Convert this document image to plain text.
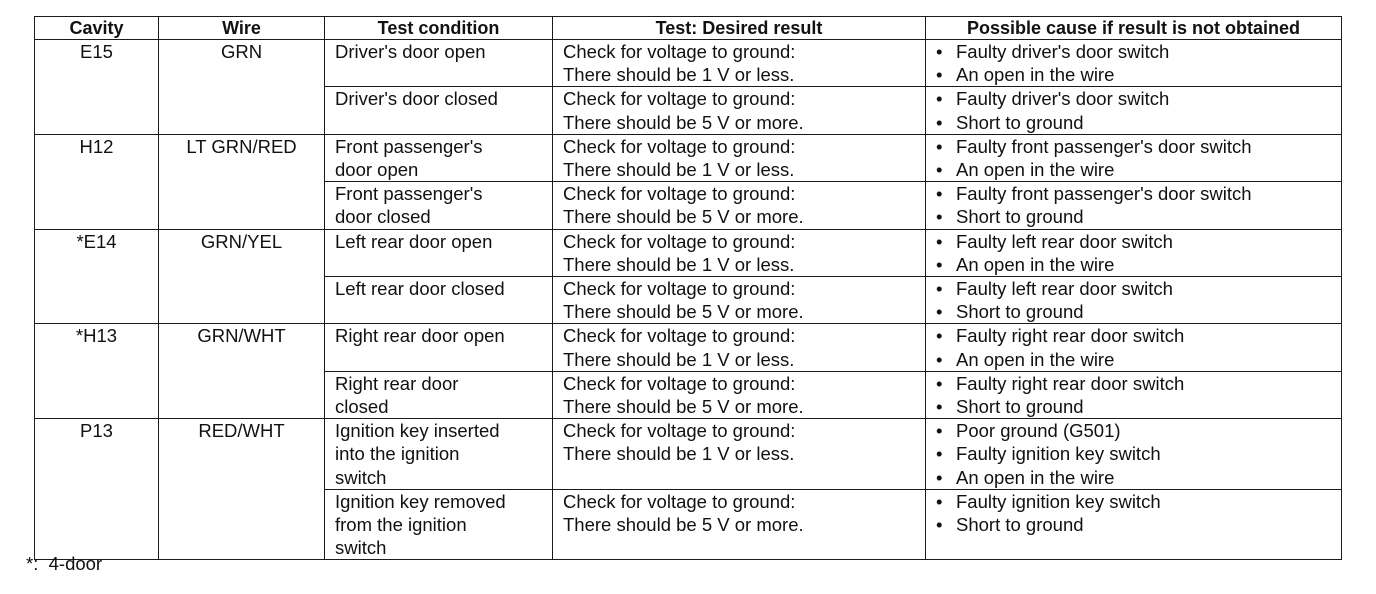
Cavity	Wire	Test condition	Test: Desired result	Possible cause if result is not obtained
E15	GRN	Driver's door open	Check for voltage to ground:
There should be 1 V or less.	• Faulty driver's door switch
• An open in the wire

		Driver's door closed	Check for voltage to ground:
There should be 5 V or more.	• Faulty driver's door switch
• Short to ground

H12	LT GRN/RED	Front passenger's
door open	Check for voltage to ground:
There should be 1 V or less.	• Faulty front passenger's door switch
• An open in the wire

		Front passenger's
door closed	Check for voltage to ground:
There should be 5 V or more.	• Faulty front passenger's door switch
• Short to ground

*E14	GRN/YEL	Left rear door open	Check for voltage to ground:
There should be 1 V or less.	• Faulty left rear door switch
• An open in the wire

		Left rear door closed	Check for voltage to ground:
There should be 5 V or more.	• Faulty left rear door switch
• Short to ground

*H13	GRN/WHT	Right rear door open	Check for voltage to ground:
There should be 1 V or less.	• Faulty right rear door switch
• An open in the wire

		Right rear door
closed	Check for voltage to ground:
There should be 5 V or more.	• Faulty right rear door switch
• Short to ground

P13	RED/WHT	Ignition key inserted
into the ignition
switch	Check for voltage to ground:
There should be 1 V or less.	• Poor ground (G501)
• Faulty ignition key switch
• An open in the wire

		Ignition key removed
from the ignition
switch	Check for voltage to ground:
There should be 5 V or more.	• Faulty ignition key switch
• Short to ground
*:  4-door
